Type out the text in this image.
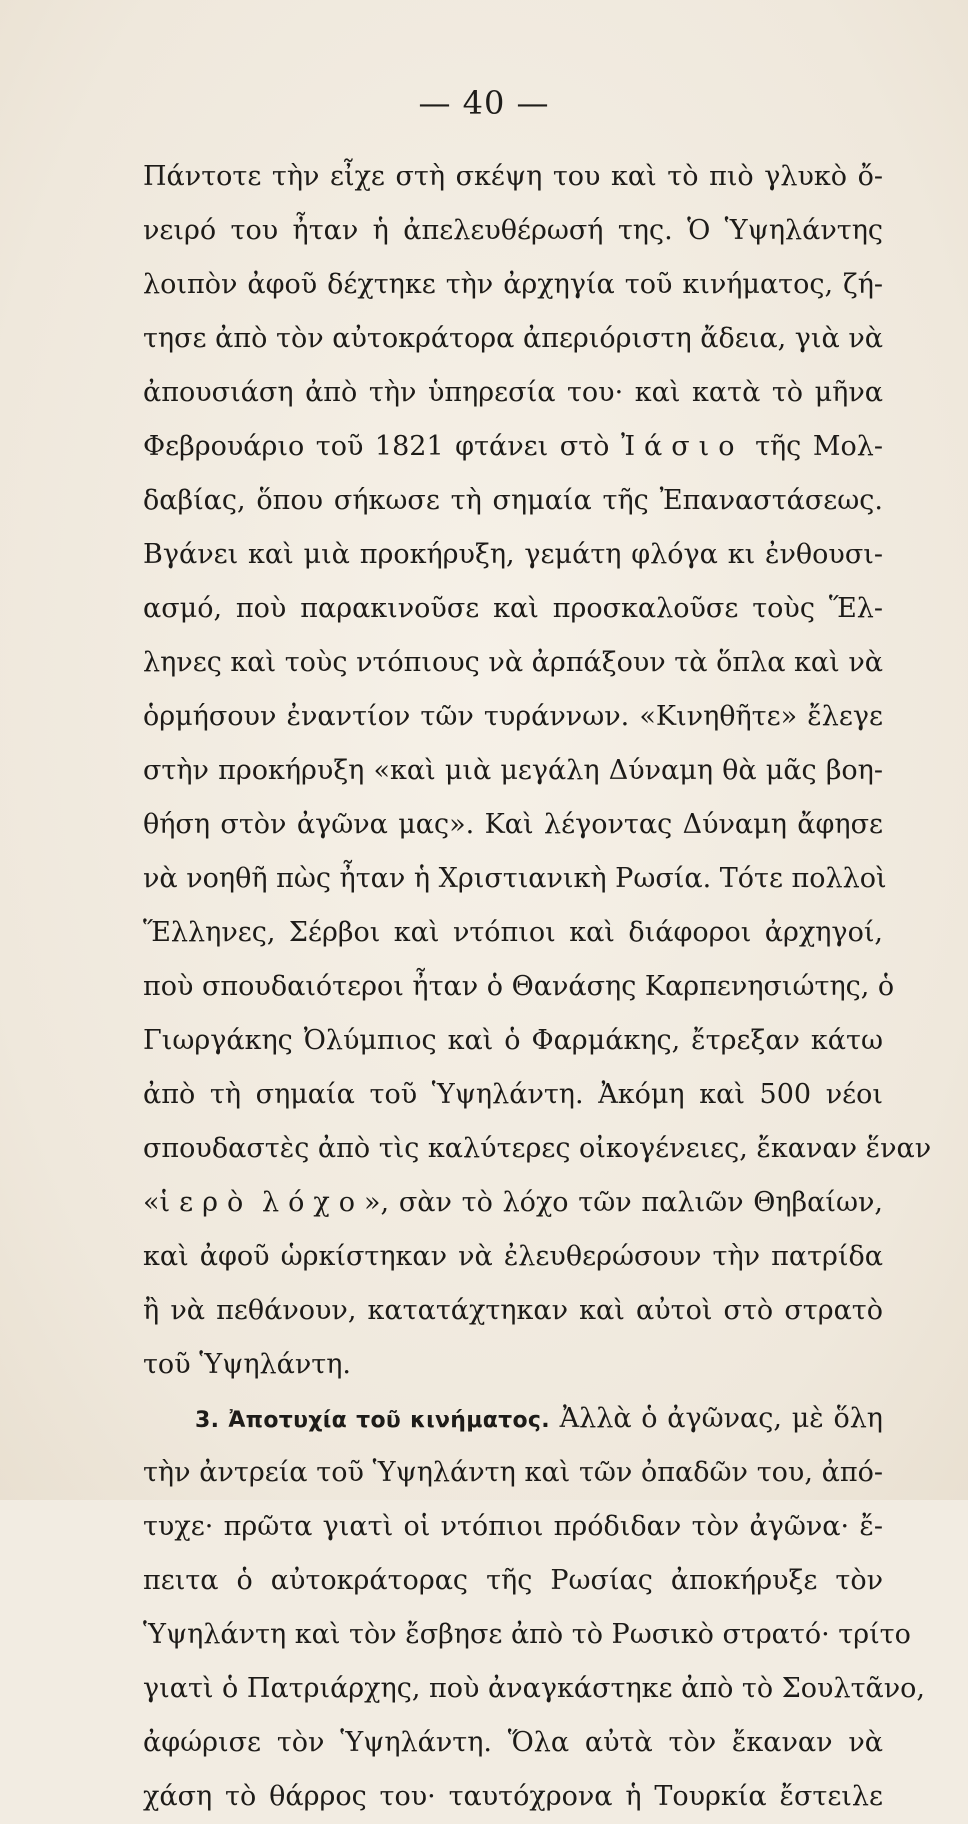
— 40 —
Πάντοτε τὴν εἶχε στὴ σκέψη του καὶ τὸ πιὸ γλυκὸ ὄ-
νειρό του ἦταν ἡ ἀπελευθέρωσή της. Ὁ Ὑψηλάντης
λοιπὸν ἀφοῦ δέχτηκε τὴν ἀρχηγία τοῦ κινήματος, ζή-
τησε ἀπὸ τὸν αὐτοκράτορα ἀπεριόριστη ἄδεια, γιὰ νὰ
ἀπουσιάση ἀπὸ τὴν ὑπηρεσία του· καὶ κατὰ τὸ μῆνα
Φεβρουάριο τοῦ 1821 φτάνει στὸ Ἰάσιο τῆς Μολ-
δαβίας, ὅπου σήκωσε τὴ σημαία τῆς Ἐπαναστάσεως.
Βγάνει καὶ μιὰ προκήρυξη, γεμάτη φλόγα κι ἐνθουσι-
ασμό, ποὺ παρακινοῦσε καὶ προσκαλοῦσε τοὺς Ἕλ-
ληνες καὶ τοὺς ντόπιους νὰ ἀρπάξουν τὰ ὅπλα καὶ νὰ
ὁρμήσουν ἐναντίον τῶν τυράννων. «Κινηθῆτε» ἔλεγε
στὴν προκήρυξη «καὶ μιὰ μεγάλη Δύναμη θὰ μᾶς βοη-
θήση στὸν ἀγῶνα μας». Καὶ λέγοντας Δύναμη ἄφησε
νὰ νοηθῆ πὼς ἦταν ἡ Χριστιανικὴ Ρωσία. Τότε πολλοὶ
Ἕλληνες, Σέρβοι καὶ ντόπιοι καὶ διάφοροι ἀρχηγοί,
ποὺ σπουδαιότεροι ἦταν ὁ Θανάσης Καρπενησιώτης, ὁ
Γιωργάκης Ὀλύμπιος καὶ ὁ Φαρμάκης, ἔτρεξαν κάτω
ἀπὸ τὴ σημαία τοῦ Ὑψηλάντη. Ἀκόμη καὶ 500 νέοι
σπουδαστὲς ἀπὸ τὶς καλύτερες οἰκογένειες, ἔκαναν ἕναν
«ἱερὸ λόχο», σὰν τὸ λόχο τῶν παλιῶν Θηβαίων,
καὶ ἀφοῦ ὡρκίστηκαν νὰ ἐλευθερώσουν τὴν πατρίδα
ἢ νὰ πεθάνουν, κατατάχτηκαν καὶ αὐτοὶ στὸ στρατὸ
τοῦ Ὑψηλάντη.
3. Ἀποτυχία τοῦ κινήματος. Ἀλλὰ ὁ ἀγῶνας, μὲ ὅλη
τὴν ἀντρεία τοῦ Ὑψηλάντη καὶ τῶν ὀπαδῶν του, ἀπό-
τυχε· πρῶτα γιατὶ οἱ ντόπιοι πρόδιδαν τὸν ἀγῶνα· ἔ-
πειτα ὁ αὐτοκράτορας τῆς Ρωσίας ἀποκήρυξε τὸν
Ὑψηλάντη καὶ τὸν ἔσβησε ἀπὸ τὸ Ρωσικὸ στρατό· τρίτο
γιατὶ ὁ Πατριάρχης, ποὺ ἀναγκάστηκε ἀπὸ τὸ Σουλτᾶνο,
ἀφώρισε τὸν Ὑψηλάντη. Ὅλα αὐτὰ τὸν ἔκαναν νὰ
χάση τὸ θάρρος του· ταυτόχρονα ἡ Τουρκία ἔστειλε
